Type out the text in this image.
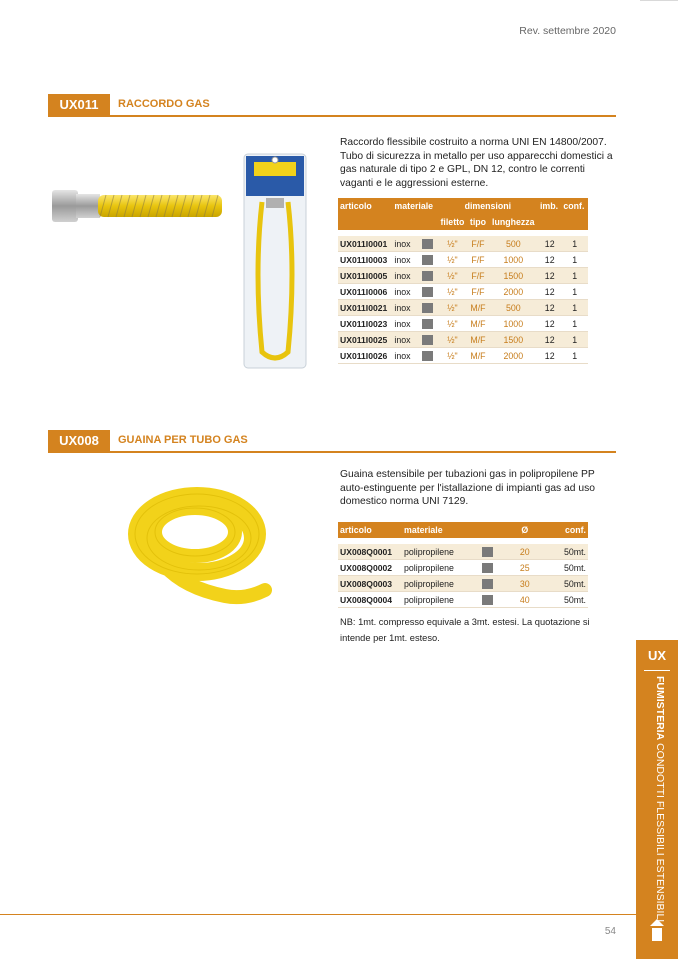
Rev. settembre 2020
UX011	RACCORDO GAS
Raccordo flessibile costruito a norma UNI EN 14800/2007. Tubo di sicurezza in metallo per uso apparecchi domestici a gas naturale di tipo 2 e GPL, DN 12, contro le correnti vaganti e le aggressioni esterne.
articolo	materiale		dimensioni			imb.	conf.
			filetto	tipo	lunghezza		

UX011I0001	inox		½"	F/F	500	12	1
UX011I0003	inox		½"	F/F	1000	12	1
UX011I0005	inox		½"	F/F	1500	12	1
UX011I0006	inox		½"	F/F	2000	12	1
UX011I0021	inox		½"	M/F	500	12	1
UX011I0023	inox		½"	M/F	1000	12	1
UX011I0025	inox		½"	M/F	1500	12	1
UX011I0026	inox		½"	M/F	2000	12	1
UX008	GUAINA PER TUBO GAS
Guaina estensibile per tubazioni gas in polipropilene PP auto-estinguente per l'istallazione di impianti gas ad uso domestico norma UNI 7129.
articolo	materiale		Ø	conf.

UX008Q0001	polipropilene		20	50mt.
UX008Q0002	polipropilene		25	50mt.
UX008Q0003	polipropilene		30	50mt.
UX008Q0004	polipropilene		40	50mt.
NB: 1mt. compresso equivale a 3mt. estesi. La quotazione si intende per 1mt. esteso.
UX
FUMISTERIA CONDOTTI FLESSIBILI ESTENSIBILI
54
